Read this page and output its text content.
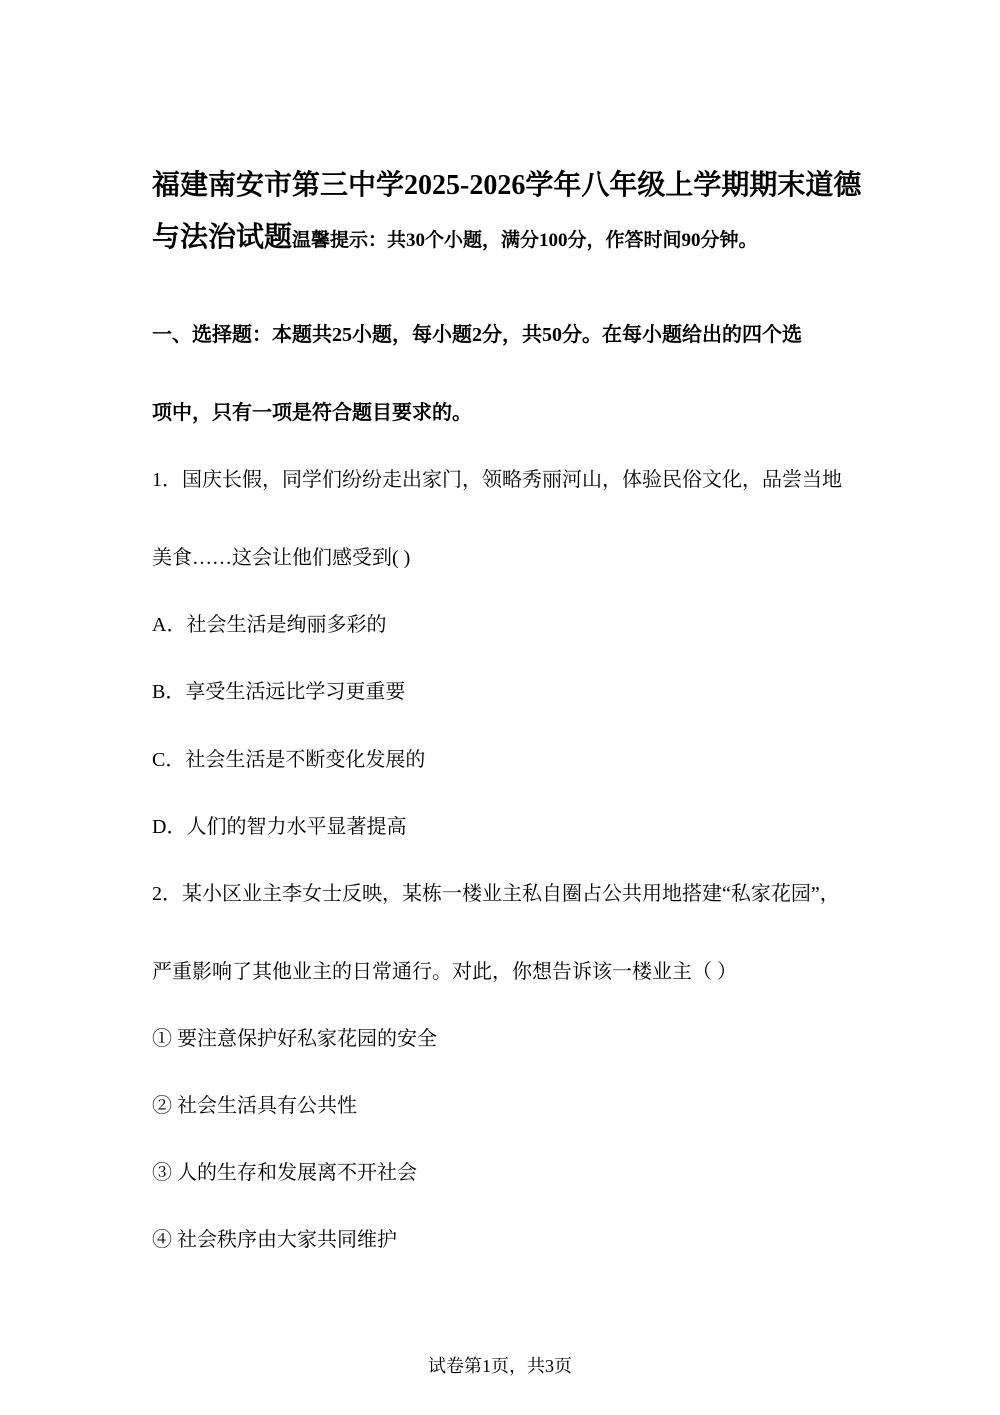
福建南安市第三中学2025-2026学年八年级上学期期末道德
与法治试题温馨提示：共30个小题，满分100分，作答时间90分钟。
一、选择题：本题共25小题，每小题2分，共50分。在每小题给出的四个选
项中，只有一项是符合题目要求的。
1．国庆长假，同学们纷纷走出家门，领略秀丽河山，体验民俗文化，品尝当地
美食……这会让他们感受到( )
A．社会生活是绚丽多彩的
B．享受生活远比学习更重要
C．社会生活是不断变化发展的
D．人们的智力水平显著提高
2．某小区业主李女士反映，某栋一楼业主私自圈占公共用地搭建“私家花园”，
严重影响了其他业主的日常通行。对此，你想告诉该一楼业主（ ）
① 要注意保护好私家花园的安全
② 社会生活具有公共性
③ 人的生存和发展离不开社会
④ 社会秩序由大家共同维护
试卷第1页，共3页
